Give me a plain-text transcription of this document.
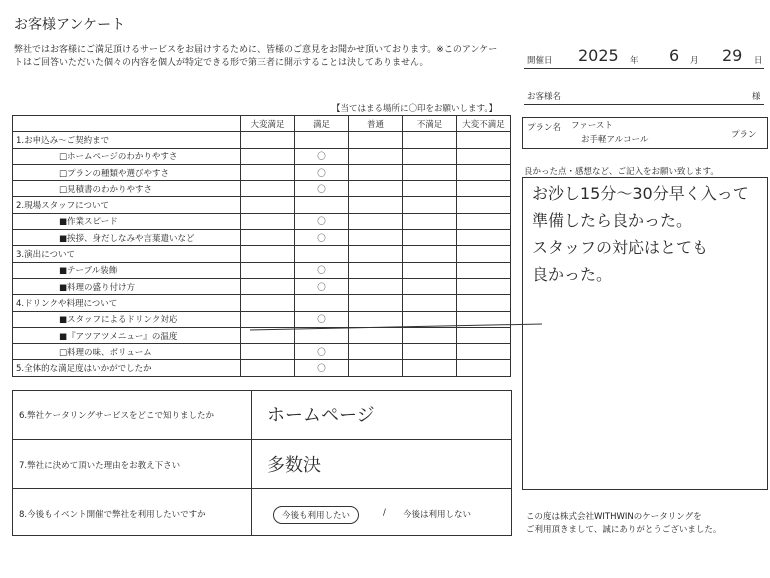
お客様アンケート
弊社ではお客様にご満足頂けるサービスをお届けするために、皆様のご意見をお聞かせ頂いております。※このアンケートはご回答いただいた個々の内容を個人が特定できる形で第三者に開示することは決してありません。
【当てはまる場所に〇印をお願いします。】
	大変満足	満足	普通	不満足	大変不満足
1.お申込み～ご契約まで					
□ホームページのわかりやすさ		〇			
□プランの種類や選びやすさ		〇			
□見積書のわかりやすさ		〇			
2.現場スタッフについて					
■作業スピード		〇			
■挨拶、身だしなみや言葉遣いなど		〇			
3.演出について					
■テーブル装飾		〇			
■料理の盛り付け方		〇			
4.ドリンクや料理について					
■スタッフによるドリンク対応		〇			
■『アツアツメニュー』の温度					
□料理の味、ボリューム		〇			
5.全体的な満足度はいかがでしたか		〇			
6.弊社ケータリングサービスをどこで知りましたか	ホームページ
7.弊社に決めて頂いた理由をお教え下さい	多数決
8.今後もイベント開催で弊社を利用したいですか	今後も利用したい	/ 今後は利用しない
開催日 2025 年 6 月 29 日
お客様名	様
プラン名 ファースト
お手軽アルコール	プラン
良かった点・感想など、ご記入をお願い致します。
お沙し15分～30分早く入って
準備したら良かった。
スタッフの対応はとても
良かった。
この度は株式会社WITHWINのケータリングを
ご利用頂きまして、誠にありがとうございました。
